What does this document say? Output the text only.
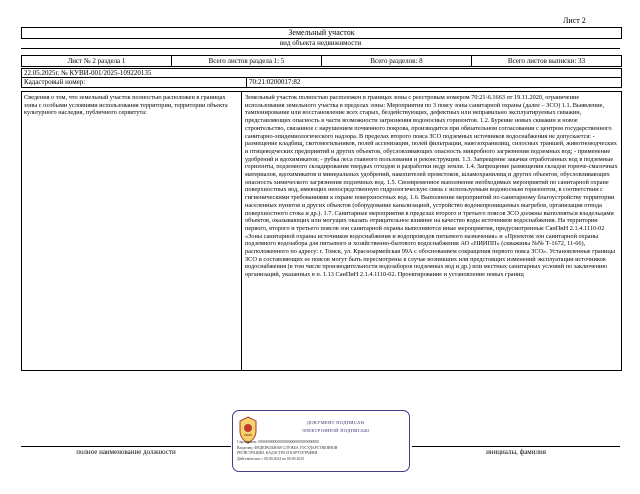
Лист 2
Земельный участок
вид объекта недвижимости
Лист № 2 раздела 1	Всего листов раздела 1: 5	Всего разделов: 8	Всего листов выписки: 33
22.05.2025г. № КУВИ-001/2025-109220135
Кадастровый номер:	70:21:0200017:82
Сведения о том, что земельный участок полностью расположен в границах зоны с особыми условиями использования территории, территории объекта культурного наследия, публичного сервитута:
Земельный участок полностью расположен в границах зоны с реестровым номером 70:21-6.1663 от 19.11.2020, ограничение использования земельного участка в пределах зоны: Мероприятия по 3 поясу зоны санитарной охраны (далее – ЗСО) 1.1. Выявление, тампонирование или восстановление всех старых, бездействующих, дефектных или неправильно эксплуатируемых скважин, представляющих опасность в части возможности загрязнения водоносных горизонтов. 1.2. Бурение новых скважин и новое строительство, связанное с нарушением почвенного покрова, производится при обязательном согласовании с центром государственного санитарно-эпидемиологического надзора. В пределах второго пояса ЗСО подземных источников водоснабжения не допускается: - размещение кладбищ, скотомогильников, полей ассенизации, полей фильтрации, навозохранилищ, силосных траншей, животноводческих и птицеводческих предприятий и других объектов, обусловливающих опасность микробного загрязнения подземных вод; - применение удобрений и ядохимикатов; - рубка леса главного пользования и реконструкции. 1.3. Запрещение закачки отработанных вод в подземные горизонты, подземного складирования твердых отходов и разработки недр земли. 1.4. Запрещение размещения складов горюче-смазочных материалов, ядохимикатов и минеральных удобрений, накопителей промстоков, шламохранилищ и других объектов, обусловливающих опасность химического загрязнения подземных вод. 1.5. Своевременное выполнение необходимых мероприятий по санитарной охране поверхностных вод, имеющих непосредственную гидрологическую связь с используемым водоносным горизонтом, в соответствии с гигиеническими требованиями к охране поверхностных вод. 1.6. Выполнение мероприятий по санитарному благоустройству территории населенных пунктов и других объектов (оборудование канализацией, устройство водонепроницаемых выгребов, организация отвода поверхностного стока и др.). 1.7. Санитарные мероприятия в пределах второго и третьего поясов ЗСО должны выполняться владельцами объектов, оказывающих или могущих оказать отрицательное влияние на качество воды источников водоснабжения. На территории первого, второго и третьего поясов зон санитарной охраны выполняются иные мероприятия, предусмотренные СанПиН 2.1.4.1110-02 «Зоны санитарной охраны источников водоснабжения и водопроводов питьевого назначения» и «Проектом зон санитарной охраны подземного водозабора для питьевого и хозяйственно-бытового водоснабжения АО «НИИПП» (скважины №№ Т-1672, 11-66), расположенного по адресу: г. Томск, ул. Красноармейская 99А с обоснованием сокращения первого пояса ЗСО». Установленные границы ЗСО и составляющих ее поясов могут быть пересмотрены в случае возникших или предстоящих изменений эксплуатации источников водоснабжения (в том числе производительности водозаборов подземных вод и др.) или местных санитарных условий по заключению организаций, указанных в п. 1.13 СанПиН 2.1.4.1110-02. Проектирование и установление новых границ
полное наименование должности	инициалы, фамилия
ДОКУМЕНТ ПОДПИСАН
ЭЛЕКТРОННОЙ ПОДПИСЬЮ
Сертификат: 00000000000000000000000000000000
Владелец: ФЕДЕРАЛЬНАЯ СЛУЖБА ГОСУДАРСТВЕННОЙ
РЕГИСТРАЦИИ, КАДАСТРА И КАРТОГРАФИИ
Действителен: с 00.00.2024 по 00.00.2025
